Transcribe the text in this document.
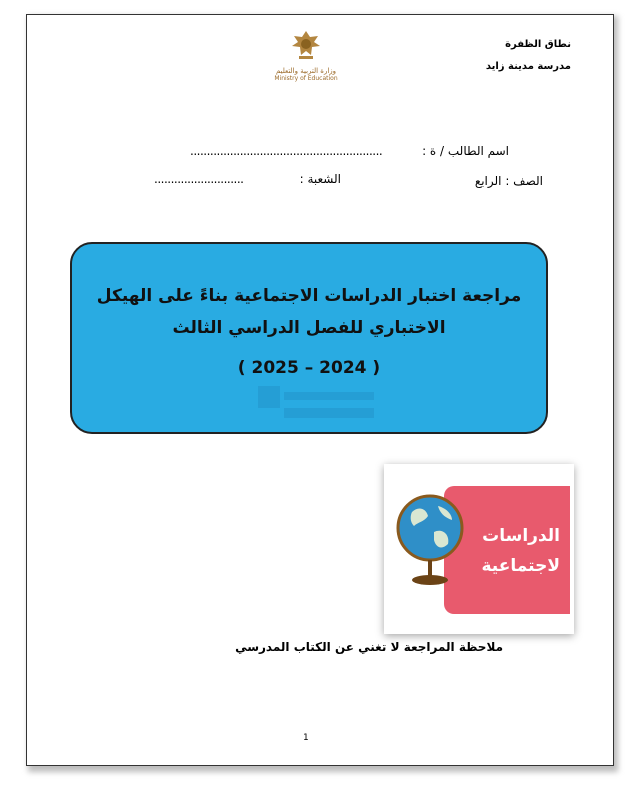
نطاق الظفرة
مدرسة مدينة زايد
وزارة التربية والتعليم
Ministry of Education
اسم الطالب / ة :
..........................................................
الصف : الرابع
الشعبة :
...........................
مراجعة اختبار الدراسات الاجتماعية بناءً على الهيكل
الاختباري للفصل الدراسي الثالث
( 2024 – 2025 )
الدراسات
لاجتماعية
ملاحظة المراجعة لا تغني عن الكتاب المدرسي
1
